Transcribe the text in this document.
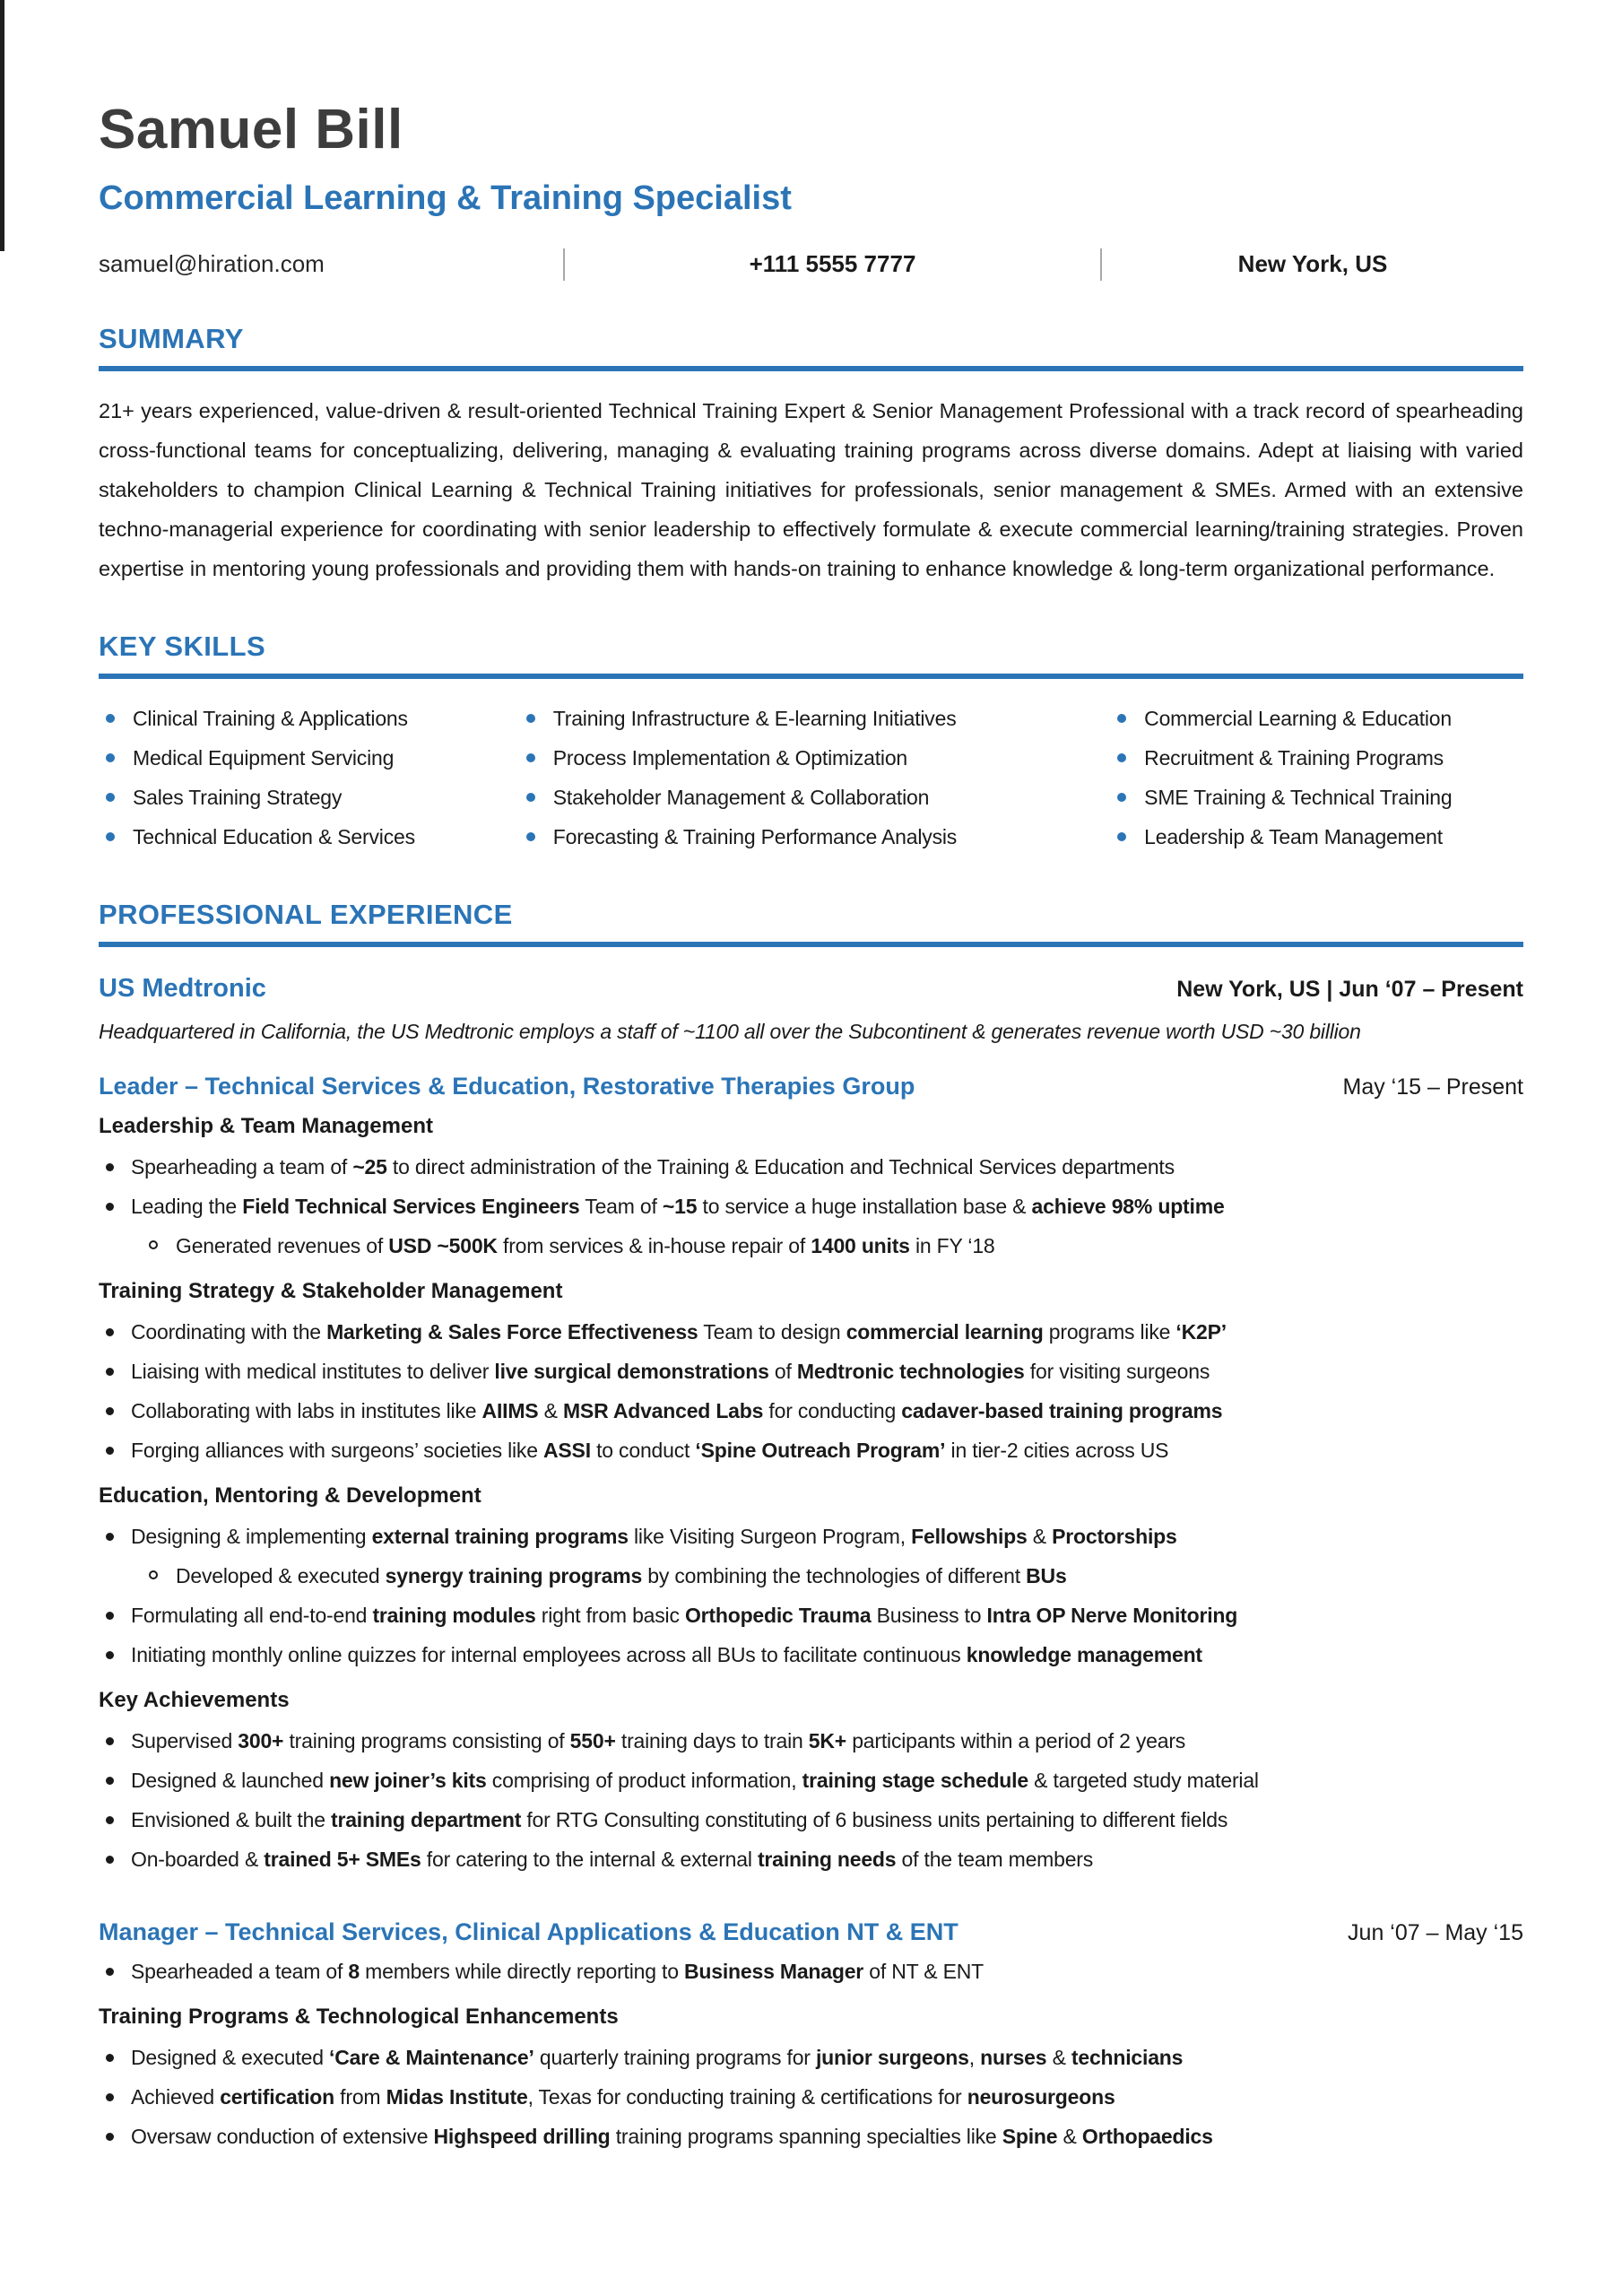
Samuel Bill
Commercial Learning & Training Specialist
samuel@hiration.com	+111 5555 7777	New York, US
SUMMARY

21+ years experienced, value-driven & result-oriented Technical Training Expert & Senior Management Professional with a track record of spearheading cross-functional teams for conceptualizing, delivering, managing & evaluating training programs across diverse domains. Adept at liaising with varied stakeholders to champion Clinical Learning & Technical Training initiatives for professionals, senior management & SMEs. Armed with an extensive techno-managerial experience for coordinating with senior leadership to effectively formulate & execute commercial learning/training strategies. Proven expertise in mentoring young professionals and providing them with hands-on training to enhance knowledge & long-term organizational performance.

KEY SKILLS
Clinical Training & Applications
Medical Equipment Servicing
Sales Training Strategy
Technical Education & Services
Training Infrastructure & E-learning Initiatives
Process Implementation & Optimization
Stakeholder Management & Collaboration
Forecasting & Training Performance Analysis
Commercial Learning & Education
Recruitment & Training Programs
SME Training & Technical Training
Leadership & Team Management
PROFESSIONAL EXPERIENCE
US Medtronic	New York, US | Jun ‘07 – Present

Headquartered in California, the US Medtronic employs a staff of ~1100 all over the Subcontinent & generates revenue worth USD ~30 billion

Leader – Technical Services & Education, Restorative Therapies Group	May ‘15 – Present
Leadership & Team Management
Spearheading a team of ~25 to direct administration of the Training & Education and Technical Services departments
Leading the Field Technical Services Engineers Team of ~15 to service a huge installation base & achieve 98% uptime
Generated revenues of USD ~500K from services & in-house repair of 1400 units in FY ‘18
Training Strategy & Stakeholder Management
Coordinating with the Marketing & Sales Force Effectiveness Team to design commercial learning programs like ‘K2P’
Liaising with medical institutes to deliver live surgical demonstrations of Medtronic technologies for visiting surgeons
Collaborating with labs in institutes like AIIMS & MSR Advanced Labs for conducting cadaver-based training programs
Forging alliances with surgeons’ societies like ASSI to conduct ‘Spine Outreach Program’ in tier-2 cities across US
Education, Mentoring & Development
Designing & implementing external training programs like Visiting Surgeon Program, Fellowships & Proctorships
Developed & executed synergy training programs by combining the technologies of different BUs
Formulating all end-to-end training modules right from basic Orthopedic Trauma Business to Intra OP Nerve Monitoring
Initiating monthly online quizzes for internal employees across all BUs to facilitate continuous knowledge management
Key Achievements
Supervised 300+ training programs consisting of 550+ training days to train 5K+ participants within a period of 2 years
Designed & launched new joiner’s kits comprising of product information, training stage schedule & targeted study material
Envisioned & built the training department for RTG Consulting constituting of 6 business units pertaining to different fields
On-boarded & trained 5+ SMEs for catering to the internal & external training needs of the team members
Manager – Technical Services, Clinical Applications & Education NT & ENT	Jun ‘07 – May ‘15
Spearheaded a team of 8 members while directly reporting to Business Manager of NT & ENT
Training Programs & Technological Enhancements
Designed & executed ‘Care & Maintenance’ quarterly training programs for junior surgeons, nurses & technicians
Achieved certification from Midas Institute, Texas for conducting training & certifications for neurosurgeons
Oversaw conduction of extensive Highspeed drilling training programs spanning specialties like Spine & Orthopaedics
